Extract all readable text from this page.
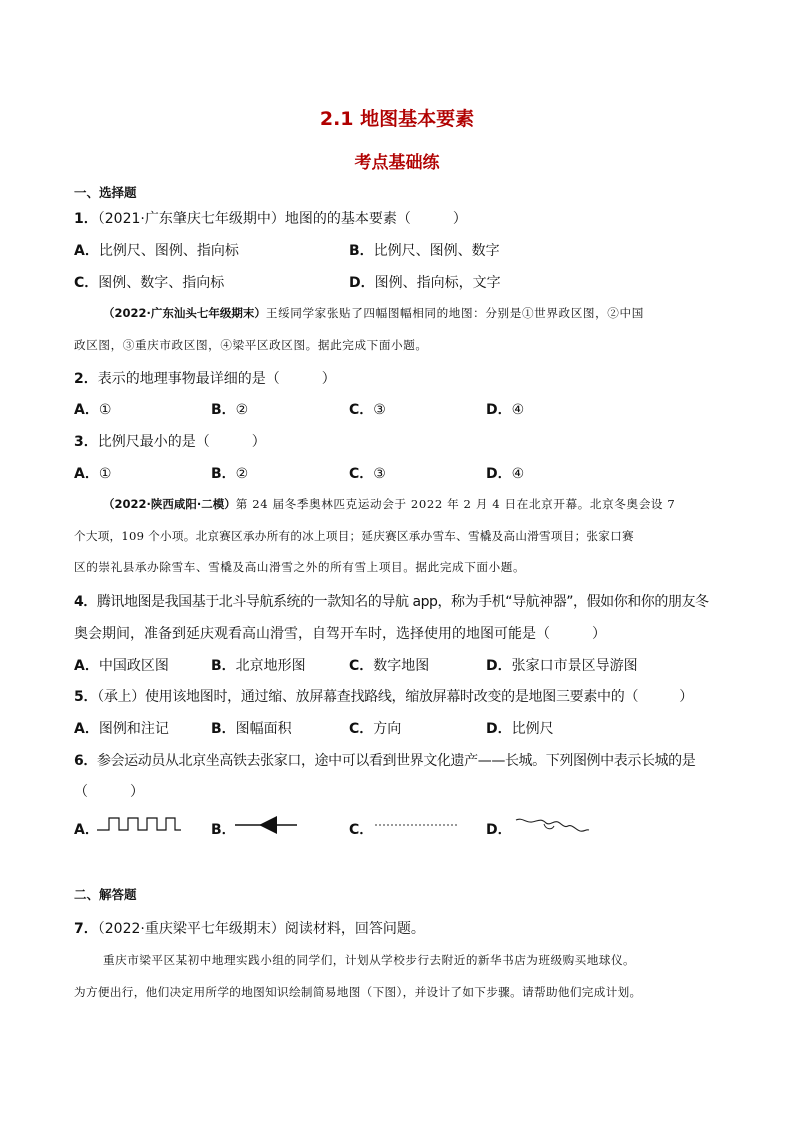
2.1 地图基本要素
考点基础练
一、选择题
1．（2021·广东肇庆七年级期中）地图的的基本要素（　　　）
A．比例尺、图例、指向标	B．比例尺、图例、数字
C．图例、数字、指向标	D．图例、指向标，文字
（2022·广东汕头七年级期末）王绥同学家张贴了四幅图幅相同的地图：分别是①世界政区图，②中国
政区图，③重庆市政区图，④梁平区政区图。据此完成下面小题。
2．表示的地理事物最详细的是（　　　）
A．①	B．②	C．③	D．④
3．比例尺最小的是（　　　）
A．①	B．②	C．③	D．④
（2022·陕西咸阳·二模）第 24 届冬季奥林匹克运动会于 2022 年 2 月 4 日在北京开幕。北京冬奥会设 7
个大项，109 个小项。北京赛区承办所有的冰上项目；延庆赛区承办雪车、雪橇及高山滑雪项目；张家口赛
区的崇礼县承办除雪车、雪橇及高山滑雪之外的所有雪上项目。据此完成下面小题。
4．腾讯地图是我国基于北斗导航系统的一款知名的导航 app，称为手机“导航神器”，假如你和你的朋友冬
奥会期间，准备到延庆观看高山滑雪，自驾开车时，选择使用的地图可能是（　　　）
A．中国政区图	B．北京地形图	C．数字地图	D．张家口市景区导游图
5．（承上）使用该地图时，通过缩、放屏幕查找路线，缩放屏幕时改变的是地图三要素中的（　　　）
A．图例和注记	B．图幅面积	C．方向	D．比例尺
6．参会运动员从北京坐高铁去张家口，途中可以看到世界文化遗产——长城。下列图例中表示长城的是
（　　　）
A．	B．	C．	D．
二、解答题
7．（2022·重庆梁平七年级期末）阅读材料，回答问题。
重庆市梁平区某初中地理实践小组的同学们，计划从学校步行去附近的新华书店为班级购买地球仪。
为方便出行，他们决定用所学的地图知识绘制简易地图（下图），并设计了如下步骤。请帮助他们完成计划。
